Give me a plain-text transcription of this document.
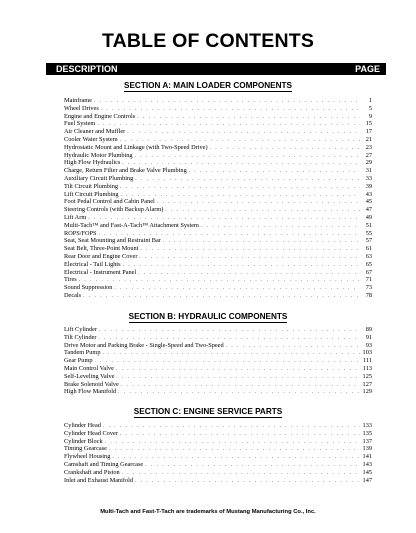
TABLE OF CONTENTS
DESCRIPTION	PAGE
SECTION A: MAIN LOADER COMPONENTS
Mainframe . . .	1
Wheel Drives . . .	5
Engine and Engine Controls . . .	9
Fuel System . . .	15
Air Cleaner and Muffler . . .	17
Cooler Water System . . .	21
Hydrostatic Mount and Linkage (with Two-Speed Drive) . . .	23
Hydraulic Motor Plumbing . . .	27
High Flow Hydraulics . . .	29
Charge, Return Filter and Brake Valve Plumbing . . .	31
Auxiliary Circuit Plumbing . . .	33
Tilt Circuit Plumbing . . .	39
Lift Circuit Plumbing . . .	43
Foot Pedal Control and Cabin Panel . . .	45
Steering Controls (with Backup Alarm) . . .	47
Lift Arm . . .	49
Multi-Tach™ and Fast-A-Tach™ Attachment System . . .	51
ROPS/FOPS . . .	55
Seat, Seat Mounting and Restraint Bar . . .	57
Seat Belt, Three-Point Mount . . .	61
Rear Door and Engine Cover . . .	63
Electrical - Tail Lights . . .	65
Electrical - Instrument Panel . . .	67
Tires . . .	71
Sound Suppression . . .	73
Decals . . .	78
SECTION B: HYDRAULIC COMPONENTS
Lift Cylinder . . .	89
Tilt Cylinder . . .	91
Drive Motor and Parking Brake - Single-Speed and Two-Speed . . .	93
Tandem Pump . . .	103
Gear Pump . . .	111
Main Control Valve . . .	113
Self-Leveling Valve . . .	125
Brake Solenoid Valve . . .	127
High Flow Manifold . . .	129
SECTION C: ENGINE SERVICE PARTS
Cylinder Head . . .	133
Cylinder Head Cover . . .	135
Cylinder Block . . .	137
Timing Gearcase . . .	139
Flywheel Housing . . .	141
Camshaft and Timing Gearcase . . .	143
Crankshaft and Piston . . .	145
Inlet and Exhaust Manifold . . .	147
Multi-Tach and Fast-T-Tach are trademarks of Mustang Manufacturing Co., Inc.
